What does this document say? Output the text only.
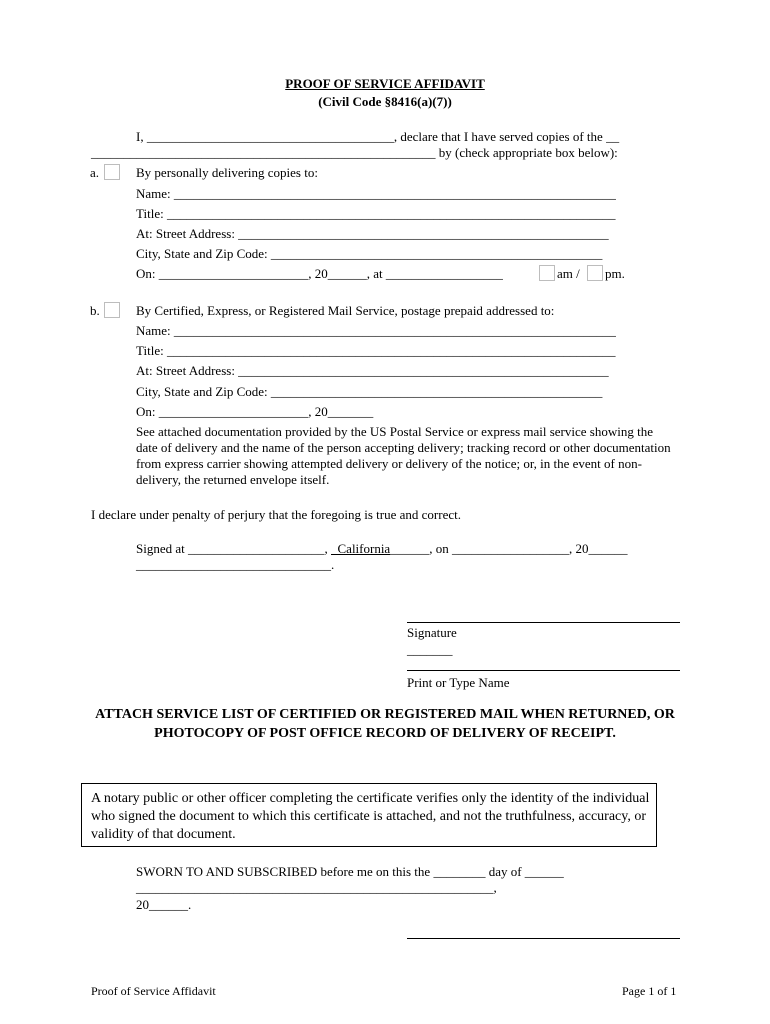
PROOF OF SERVICE AFFIDAVIT
(Civil Code §8416(a)(7))
I, ______________________________________, declare that I have served copies of the __
_____________________________________________________ by (check appropriate box below):
a.	By personally delivering copies to:
Name: ____________________________________________________________________
Title: _____________________________________________________________________
At: Street Address: _________________________________________________________
City, State and Zip Code: ___________________________________________________
On: _______________________, 20______, at __________________	am / pm.
b.	By Certified, Express, or Registered Mail Service, postage prepaid addressed to:
Name: ____________________________________________________________________
Title: _____________________________________________________________________
At: Street Address: _________________________________________________________
City, State and Zip Code: ___________________________________________________
On: _______________________, 20_______
See attached documentation provided by the US Postal Service or express mail service showing the date of delivery and the name of the person accepting delivery; tracking record or other documentation from express carrier showing attempted delivery or delivery of the notice; or, in the event of non-delivery, the returned envelope itself.
I declare under penalty of perjury that the foregoing is true and correct.
Signed at _____________________,   California______, on __________________, 20______
______________________________.
Signature
_______
Print or Type Name
ATTACH SERVICE LIST OF CERTIFIED OR REGISTERED MAIL WHEN RETURNED, OR PHOTOCOPY OF POST OFFICE RECORD OF DELIVERY OF RECEIPT.
A notary public or other officer completing the certificate verifies only the identity of the individual who signed the document to which this certificate is attached, and not the truthfulness, accuracy, or validity of that document.
SWORN TO AND SUBSCRIBED before me on this the ________ day of ______
_______________________________________________________,
20______.
Proof of Service Affidavit	Page 1 of 1
